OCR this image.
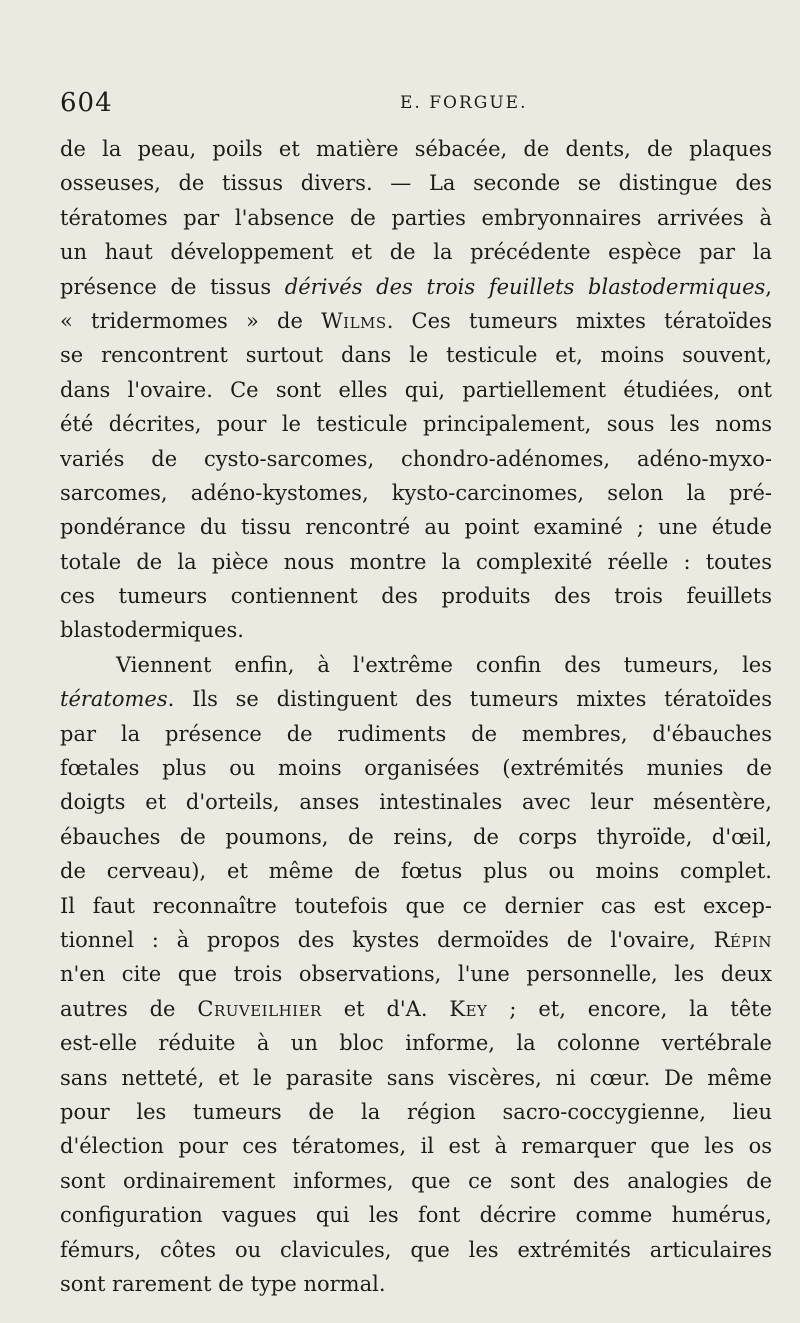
604	E. FORGUE.
de la peau, poils et matière sébacée, de dents, de plaques
osseuses, de tissus divers. — La seconde se distingue des
tératomes par l'absence de parties embryonnaires arrivées à
un haut développement et de la précédente espèce par la
présence de tissus dérivés des trois feuillets blastodermiques,
« tridermomes » de Wilms. Ces tumeurs mixtes tératoïdes
se rencontrent surtout dans le testicule et, moins souvent,
dans l'ovaire. Ce sont elles qui, partiellement étudiées, ont
été décrites, pour le testicule principalement, sous les noms
variés de cysto-sarcomes, chondro-adénomes, adéno-myxo-
sarcomes, adéno-kystomes, kysto-carcinomes, selon la pré-
pondérance du tissu rencontré au point examiné ; une étude
totale de la pièce nous montre la complexité réelle : toutes
ces tumeurs contiennent des produits des trois feuillets
blastodermiques.
Viennent enfin, à l'extrême confin des tumeurs, les
tératomes. Ils se distinguent des tumeurs mixtes tératoïdes
par la présence de rudiments de membres, d'ébauches
fœtales plus ou moins organisées (extrémités munies de
doigts et d'orteils, anses intestinales avec leur mésentère,
ébauches de poumons, de reins, de corps thyroïde, d'œil,
de cerveau), et même de fœtus plus ou moins complet.
Il faut reconnaître toutefois que ce dernier cas est excep-
tionnel : à propos des kystes dermoïdes de l'ovaire, Répin
n'en cite que trois observations, l'une personnelle, les deux
autres de Cruveilhier et d'A. Key ; et, encore, la tête
est-elle réduite à un bloc informe, la colonne vertébrale
sans netteté, et le parasite sans viscères, ni cœur. De même
pour les tumeurs de la région sacro-coccygienne, lieu
d'élection pour ces tératomes, il est à remarquer que les os
sont ordinairement informes, que ce sont des analogies de
configuration vagues qui les font décrire comme humérus,
fémurs, côtes ou clavicules, que les extrémités articulaires
sont rarement de type normal.
